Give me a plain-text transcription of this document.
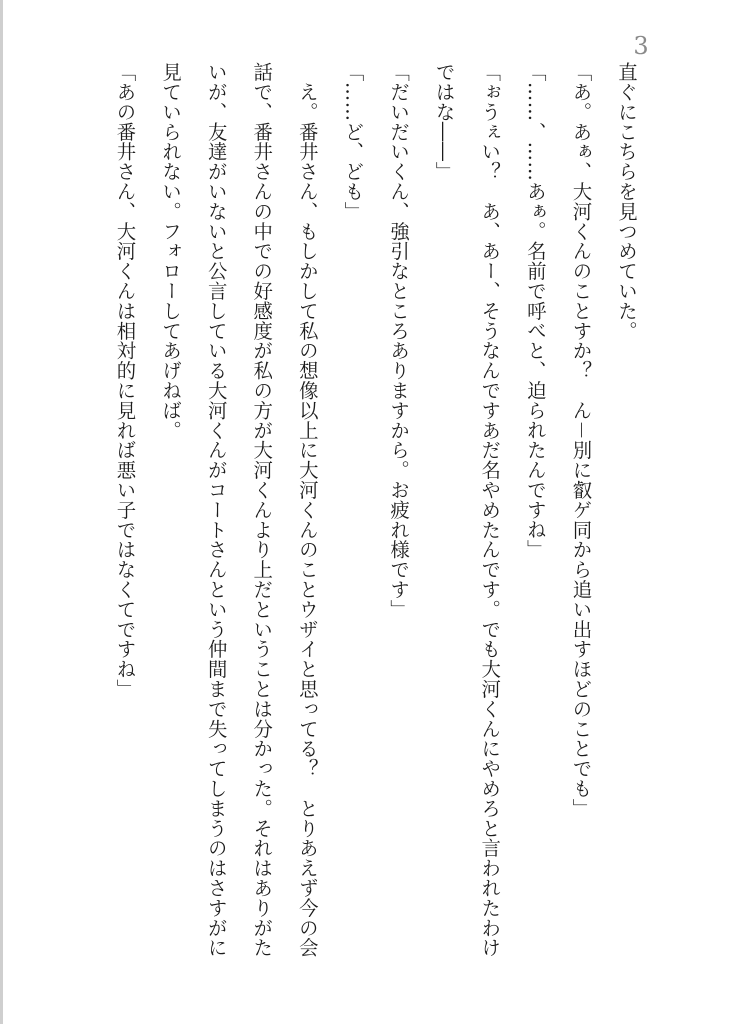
3

直ぐにこちらを見つめていた。

「あ。あぁ、大河くんのことすか？　ん－別に叡ゲ同から追い出すほどのことでも」

「……、……あぁ。名前で呼べと、迫られたんですね」

「ぉうぇい？　あ、あー、そうなんですあだ名やめたんです。でも大河くんにやめろと言われたわけではな――」

「だいだいくん、強引なところありますから。お疲れ様です」

「……ど、ども」

　え。番井さん、もしかして私の想像以上に大河くんのことウザイと思ってる？　とりあえず今の会話で、番井さんの中での好感度が私の方が大河くんより上だということは分かった。それはありがたいが、友達がいないと公言している大河くんがコートさんという仲間まで失ってしまうのはさすがに見ていられない。フォローしてあげねば。

「あの番井さん、大河くんは相対的に見れば悪い子ではなくてですね」
